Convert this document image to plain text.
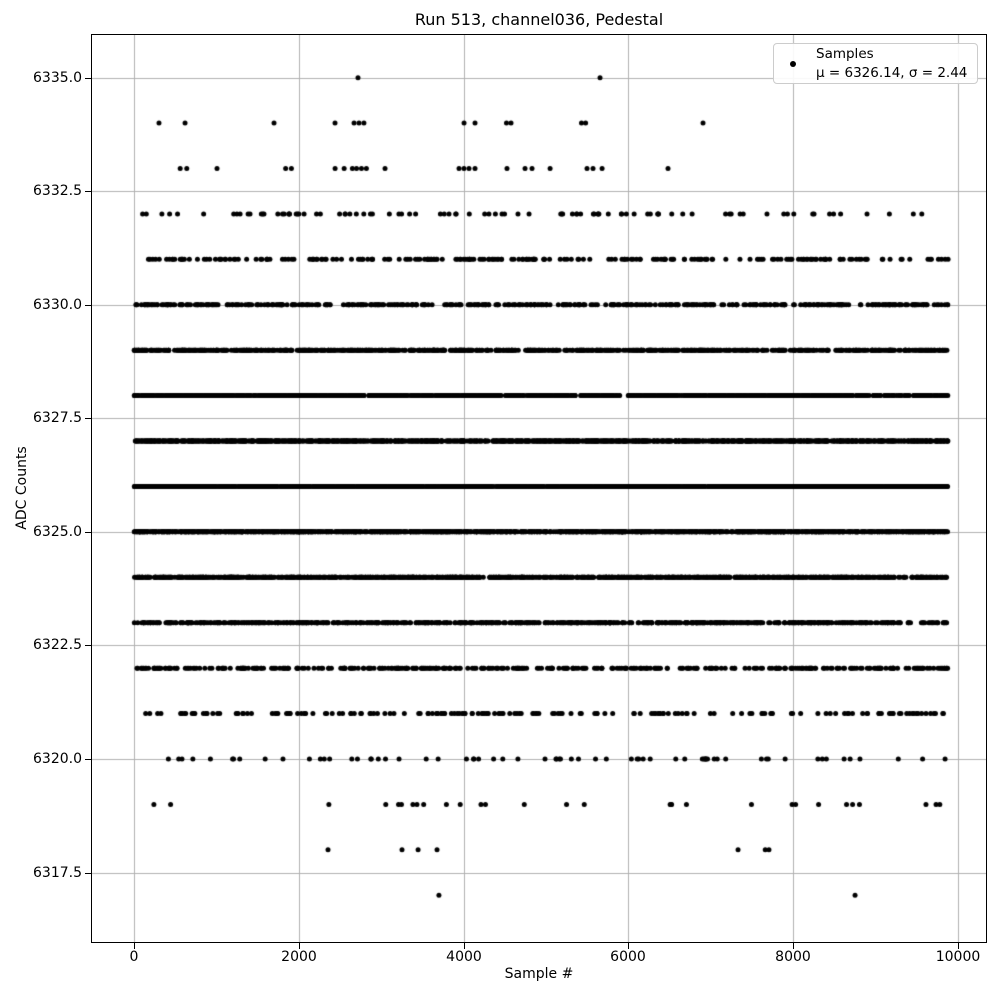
Run 513, channel036, Pedestal
ADC Counts
Samples
μ = 6326.14, σ = 2.44
0	2000	4000	6000	8000	10000
6317.5
6320.0
6322.5
6325.0
6327.5
6330.0
6332.5
6335.0
Sample #
